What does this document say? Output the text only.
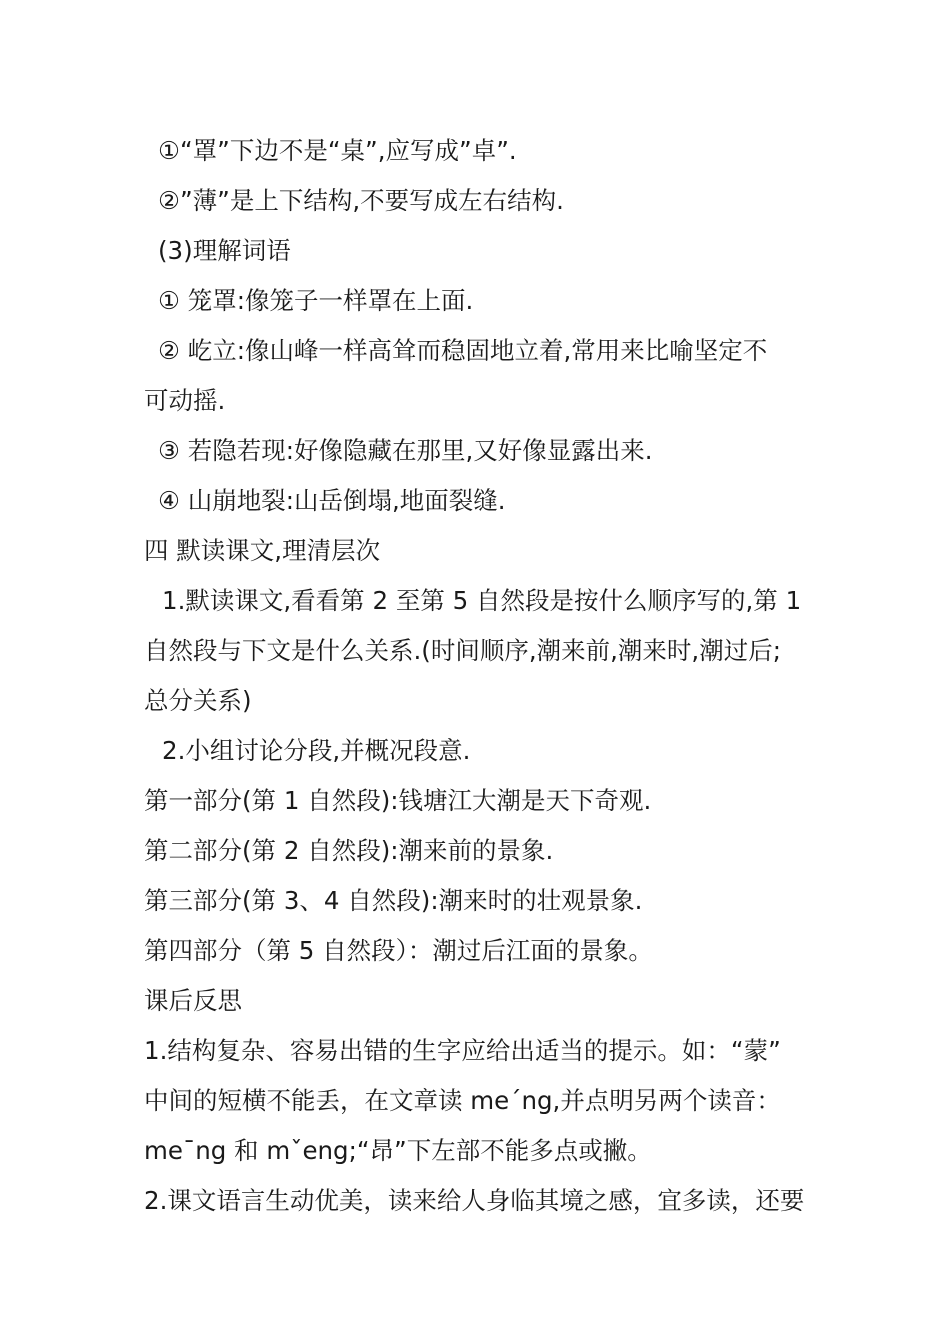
①“罩”下边不是“桌”,应写成”卓”.
②”薄”是上下结构,不要写成左右结构.
(3)理解词语
① 笼罩:像笼子一样罩在上面.
② 屹立:像山峰一样高耸而稳固地立着,常用来比喻坚定不
可动摇.
③ 若隐若现:好像隐藏在那里,又好像显露出来.
④ 山崩地裂:山岳倒塌,地面裂缝.
四 默读课文,理清层次
1.默读课文,看看第 2 至第 5 自然段是按什么顺序写的,第 1
自然段与下文是什么关系.(时间顺序,潮来前,潮来时,潮过后;
总分关系)
2.小组讨论分段,并概况段意.
第一部分(第 1 自然段):钱塘江大潮是天下奇观.
第二部分(第 2 自然段):潮来前的景象.
第三部分(第 3、4 自然段):潮来时的壮观景象.
第四部分（第 5 自然段）：潮过后江面的景象。
课后反思
1.结构复杂、容易出错的生字应给出适当的提示。如：“蒙”
中间的短横不能丢，在文章读 meˊng,并点明另两个读音：
meˉng 和 mˇeng;“昂”下左部不能多点或撇。
2.课文语言生动优美，读来给人身临其境之感，宜多读，还要
